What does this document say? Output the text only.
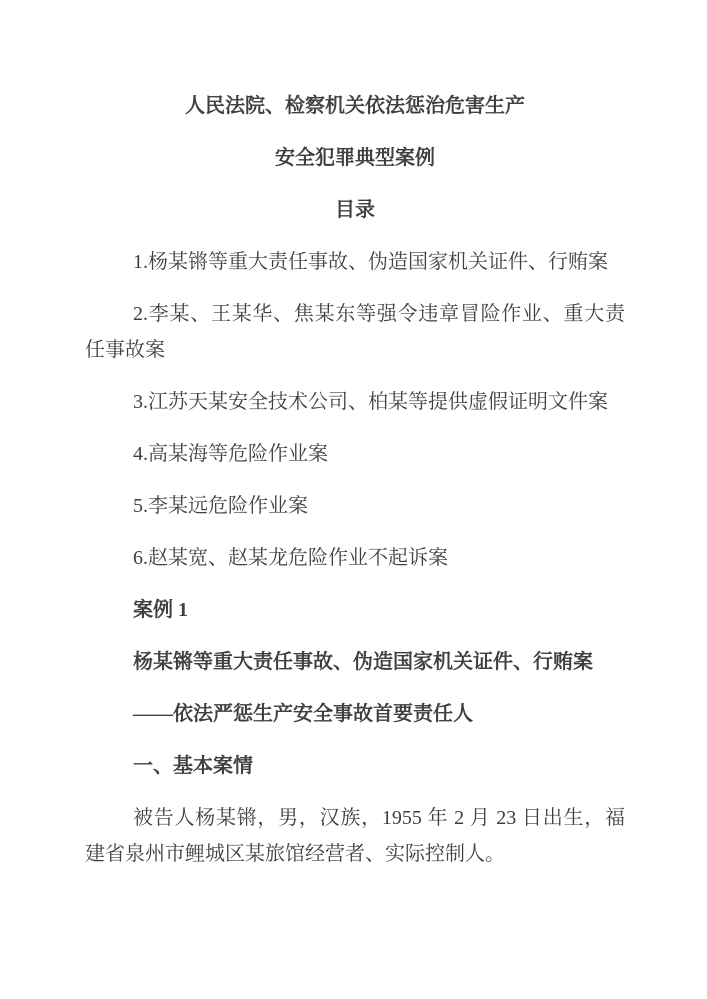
人民法院、检察机关依法惩治危害生产

安全犯罪典型案例

目录

1.杨某锵等重大责任事故、伪造国家机关证件、行贿案

2.李某、王某华、焦某东等强令违章冒险作业、重大责任事故案

3.江苏天某安全技术公司、柏某等提供虚假证明文件案

4.高某海等危险作业案

5.李某远危险作业案

6.赵某宽、赵某龙危险作业不起诉案

案例 1

杨某锵等重大责任事故、伪造国家机关证件、行贿案

——依法严惩生产安全事故首要责任人

一、基本案情

被告人杨某锵，男，汉族，1955 年 2 月 23 日出生，福建省泉州市鲤城区某旅馆经营者、实际控制人。
